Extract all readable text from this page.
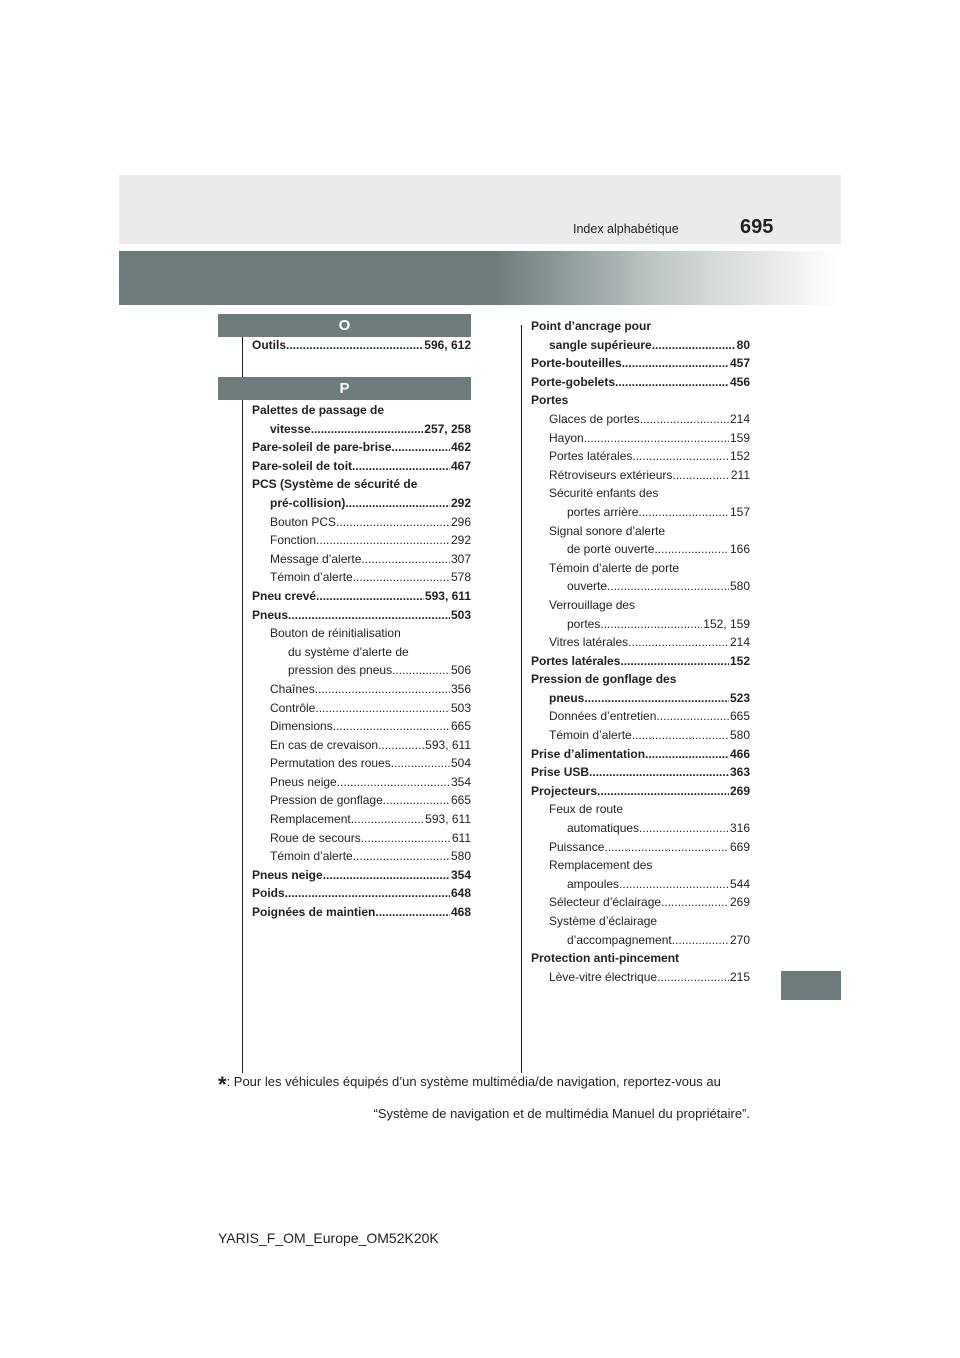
Index alphabétique	695
O
Outils .....	596, 612
P
Palettes de passage de
vitesse .....	257, 258
Pare-soleil de pare-brise .....	462
Pare-soleil de toit .....	467
PCS (Système de sécurité de
pré-collision) .....	292
Bouton PCS .....	296
Fonction .....	292
Message d’alerte .....	307
Témoin d’alerte .....	578
Pneu crevé .....	593, 611
Pneus .....	503
Bouton de réinitialisation
du système d’alerte de
pression des pneus .....	506
Chaînes .....	356
Contrôle .....	503
Dimensions .....	665
En cas de crevaison .....	593, 611
Permutation des roues .....	504
Pneus neige .....	354
Pression de gonflage .....	665
Remplacement .....	593, 611
Roue de secours .....	611
Témoin d’alerte .....	580
Pneus neige .....	354
Poids .....	648
Poignées de maintien .....	468
Point d’ancrage pour
sangle supérieure .....	80
Porte-bouteilles .....	457
Porte-gobelets .....	456
Portes
Glaces de portes .....	214
Hayon .....	159
Portes latérales .....	152
Rétroviseurs extérieurs .....	211
Sécurité enfants des
portes arrière .....	157
Signal sonore d’alerte
de porte ouverte .....	166
Témoin d’alerte de porte
ouverte .....	580
Verrouillage des
portes .....	152, 159
Vitres latérales .....	214
Portes latérales .....	152
Pression de gonflage des
pneus .....	523
Données d’entretien .....	665
Témoin d’alerte .....	580
Prise d’alimentation .....	466
Prise USB .....	363
Projecteurs .....	269
Feux de route
automatiques .....	316
Puissance .....	669
Remplacement des
ampoules .....	544
Sélecteur d’éclairage .....	269
Système d’éclairage
d’accompagnement .....	270
Protection anti-pincement
Lève-vitre électrique .....	215
*: Pour les véhicules équipés d’un système multimédia/de navigation, reportez-vous au
“Système de navigation et de multimédia Manuel du propriétaire”.
YARIS_F_OM_Europe_OM52K20K
